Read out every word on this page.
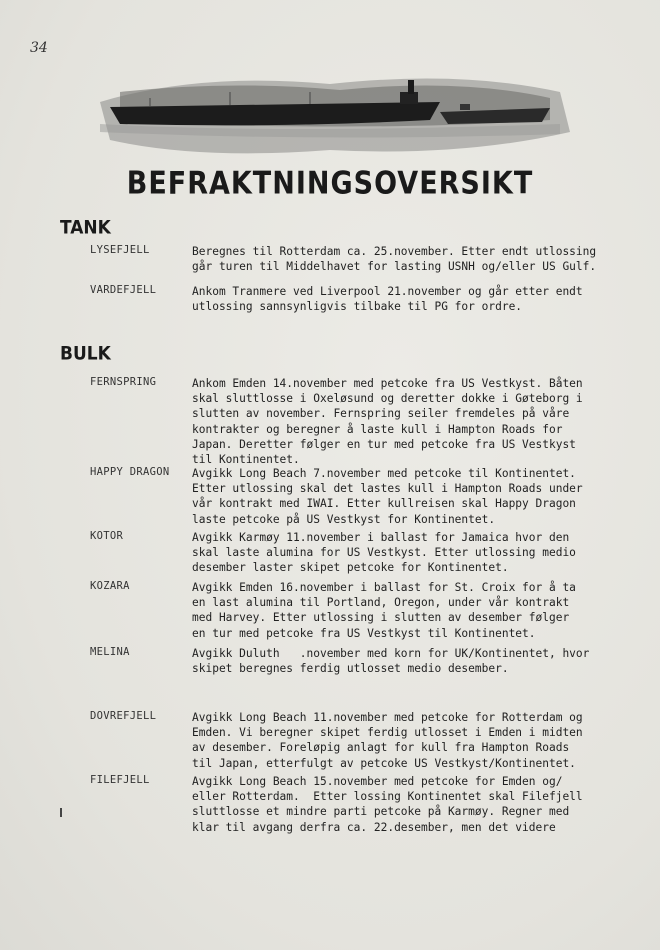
34
BEFRAKTNINGSOVERSIKT
TANK
LYSEFJELL	Beregnes til Rotterdam ca. 25.november. Etter endt utlossing
går turen til Middelhavet for lasting USNH og/eller US Gulf.
VARDEFJELL	Ankom Tranmere ved Liverpool 21.november og går etter endt
utlossing sannsynligvis tilbake til PG for ordre.
BULK
FERNSPRING	Ankom Emden 14.november med petcoke fra US Vestkyst. Båten
skal sluttlosse i Oxeløsund og deretter dokke i Gøteborg i
slutten av november. Fernspring seiler fremdeles på våre
kontrakter og beregner å laste kull i Hampton Roads for
Japan. Deretter følger en tur med petcoke fra US Vestkyst
til Kontinentet.
HAPPY DRAGON Avgikk Long Beach 7.november med petcoke til Kontinentet.
Etter utlossing skal det lastes kull i Hampton Roads under
vår kontrakt med IWAI. Etter kullreisen skal Happy Dragon
laste petcoke på US Vestkyst for Kontinentet.
KOTOR	Avgikk Karmøy 11.november i ballast for Jamaica hvor den
skal laste alumina for US Vestkyst. Etter utlossing medio
desember laster skipet petcoke for Kontinentet.
KOZARA	Avgikk Emden 16.november i ballast for St. Croix for å ta
en last alumina til Portland, Oregon, under vår kontrakt
med Harvey. Etter utlossing i slutten av desember følger
en tur med petcoke fra US Vestkyst til Kontinentet.
MELINA	Avgikk Duluth   .november med korn for UK/Kontinentet, hvor
skipet beregnes ferdig utlosset medio desember.
DOVREFJELL	Avgikk Long Beach 11.november med petcoke for Rotterdam og
Emden. Vi beregner skipet ferdig utlosset i Emden i midten
av desember. Foreløpig anlagt for kull fra Hampton Roads
til Japan, etterfulgt av petcoke US Vestkyst/Kontinentet.
FILEFJELL	Avgikk Long Beach 15.november med petcoke for Emden og/
eller Rotterdam.  Etter lossing Kontinentet skal Filefjell
sluttlosse et mindre parti petcoke på Karmøy. Regner med
klar til avgang derfra ca. 22.desember, men det videre
